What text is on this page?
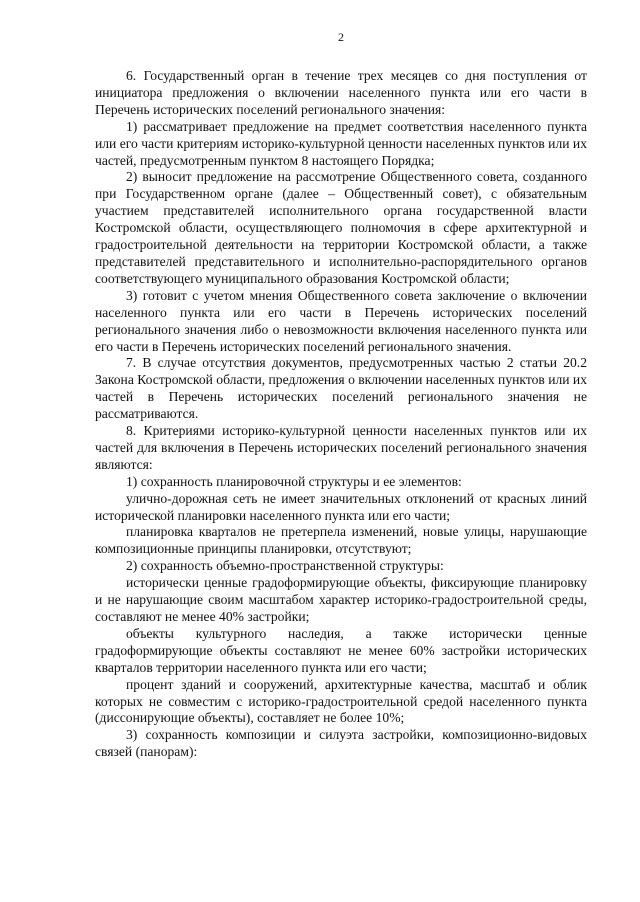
2

6. Государственный орган в течение трех месяцев со дня поступления от инициатора предложения о включении населенного пункта или его части в Перечень исторических поселений регионального значения:

1) рассматривает предложение на предмет соответствия населенного пункта или его части критериям историко-культурной ценности населенных пунктов или их частей, предусмотренным пунктом 8 настоящего Порядка;

2) выносит предложение на рассмотрение Общественного совета, созданного при Государственном органе (далее – Общественный совет), с обязательным участием представителей исполнительного органа государственной власти Костромской области, осуществляющего полномочия в сфере архитектурной и градостроительной деятельности на территории Костромской области, а также представителей представительного и исполнительно-распорядительного органов соответствующего муниципального образования Костромской области;

3) готовит с учетом мнения Общественного совета заключение о включении населенного пункта или его части в Перечень исторических поселений регионального значения либо о невозможности включения населенного пункта или его части в Перечень исторических поселений регионального значения.

7. В случае отсутствия документов, предусмотренных частью 2 статьи 20.2 Закона Костромской области, предложения о включении населенных пунктов или их частей в Перечень исторических поселений регионального значения не рассматриваются.

8. Критериями историко-культурной ценности населенных пунктов или их частей для включения в Перечень исторических поселений регионального значения являются:

1) сохранность планировочной структуры и ее элементов:

улично-дорожная сеть не имеет значительных отклонений от красных линий исторической планировки населенного пункта или его части;

планировка кварталов не претерпела изменений, новые улицы, нарушающие композиционные принципы планировки, отсутствуют;

2) сохранность объемно-пространственной структуры:

исторически ценные градоформирующие объекты, фиксирующие планировку и не нарушающие своим масштабом характер историко-градостроительной среды, составляют не менее 40% застройки;

объекты культурного наследия, а также исторически ценные градоформирующие объекты составляют не менее 60% застройки исторических кварталов территории населенного пункта или его части;

процент зданий и сооружений, архитектурные качества, масштаб и облик которых не совместим с историко-градостроительной средой населенного пункта (диссонирующие объекты), составляет не более 10%;

3) сохранность композиции и силуэта застройки, композиционно-видовых связей (панорам):
